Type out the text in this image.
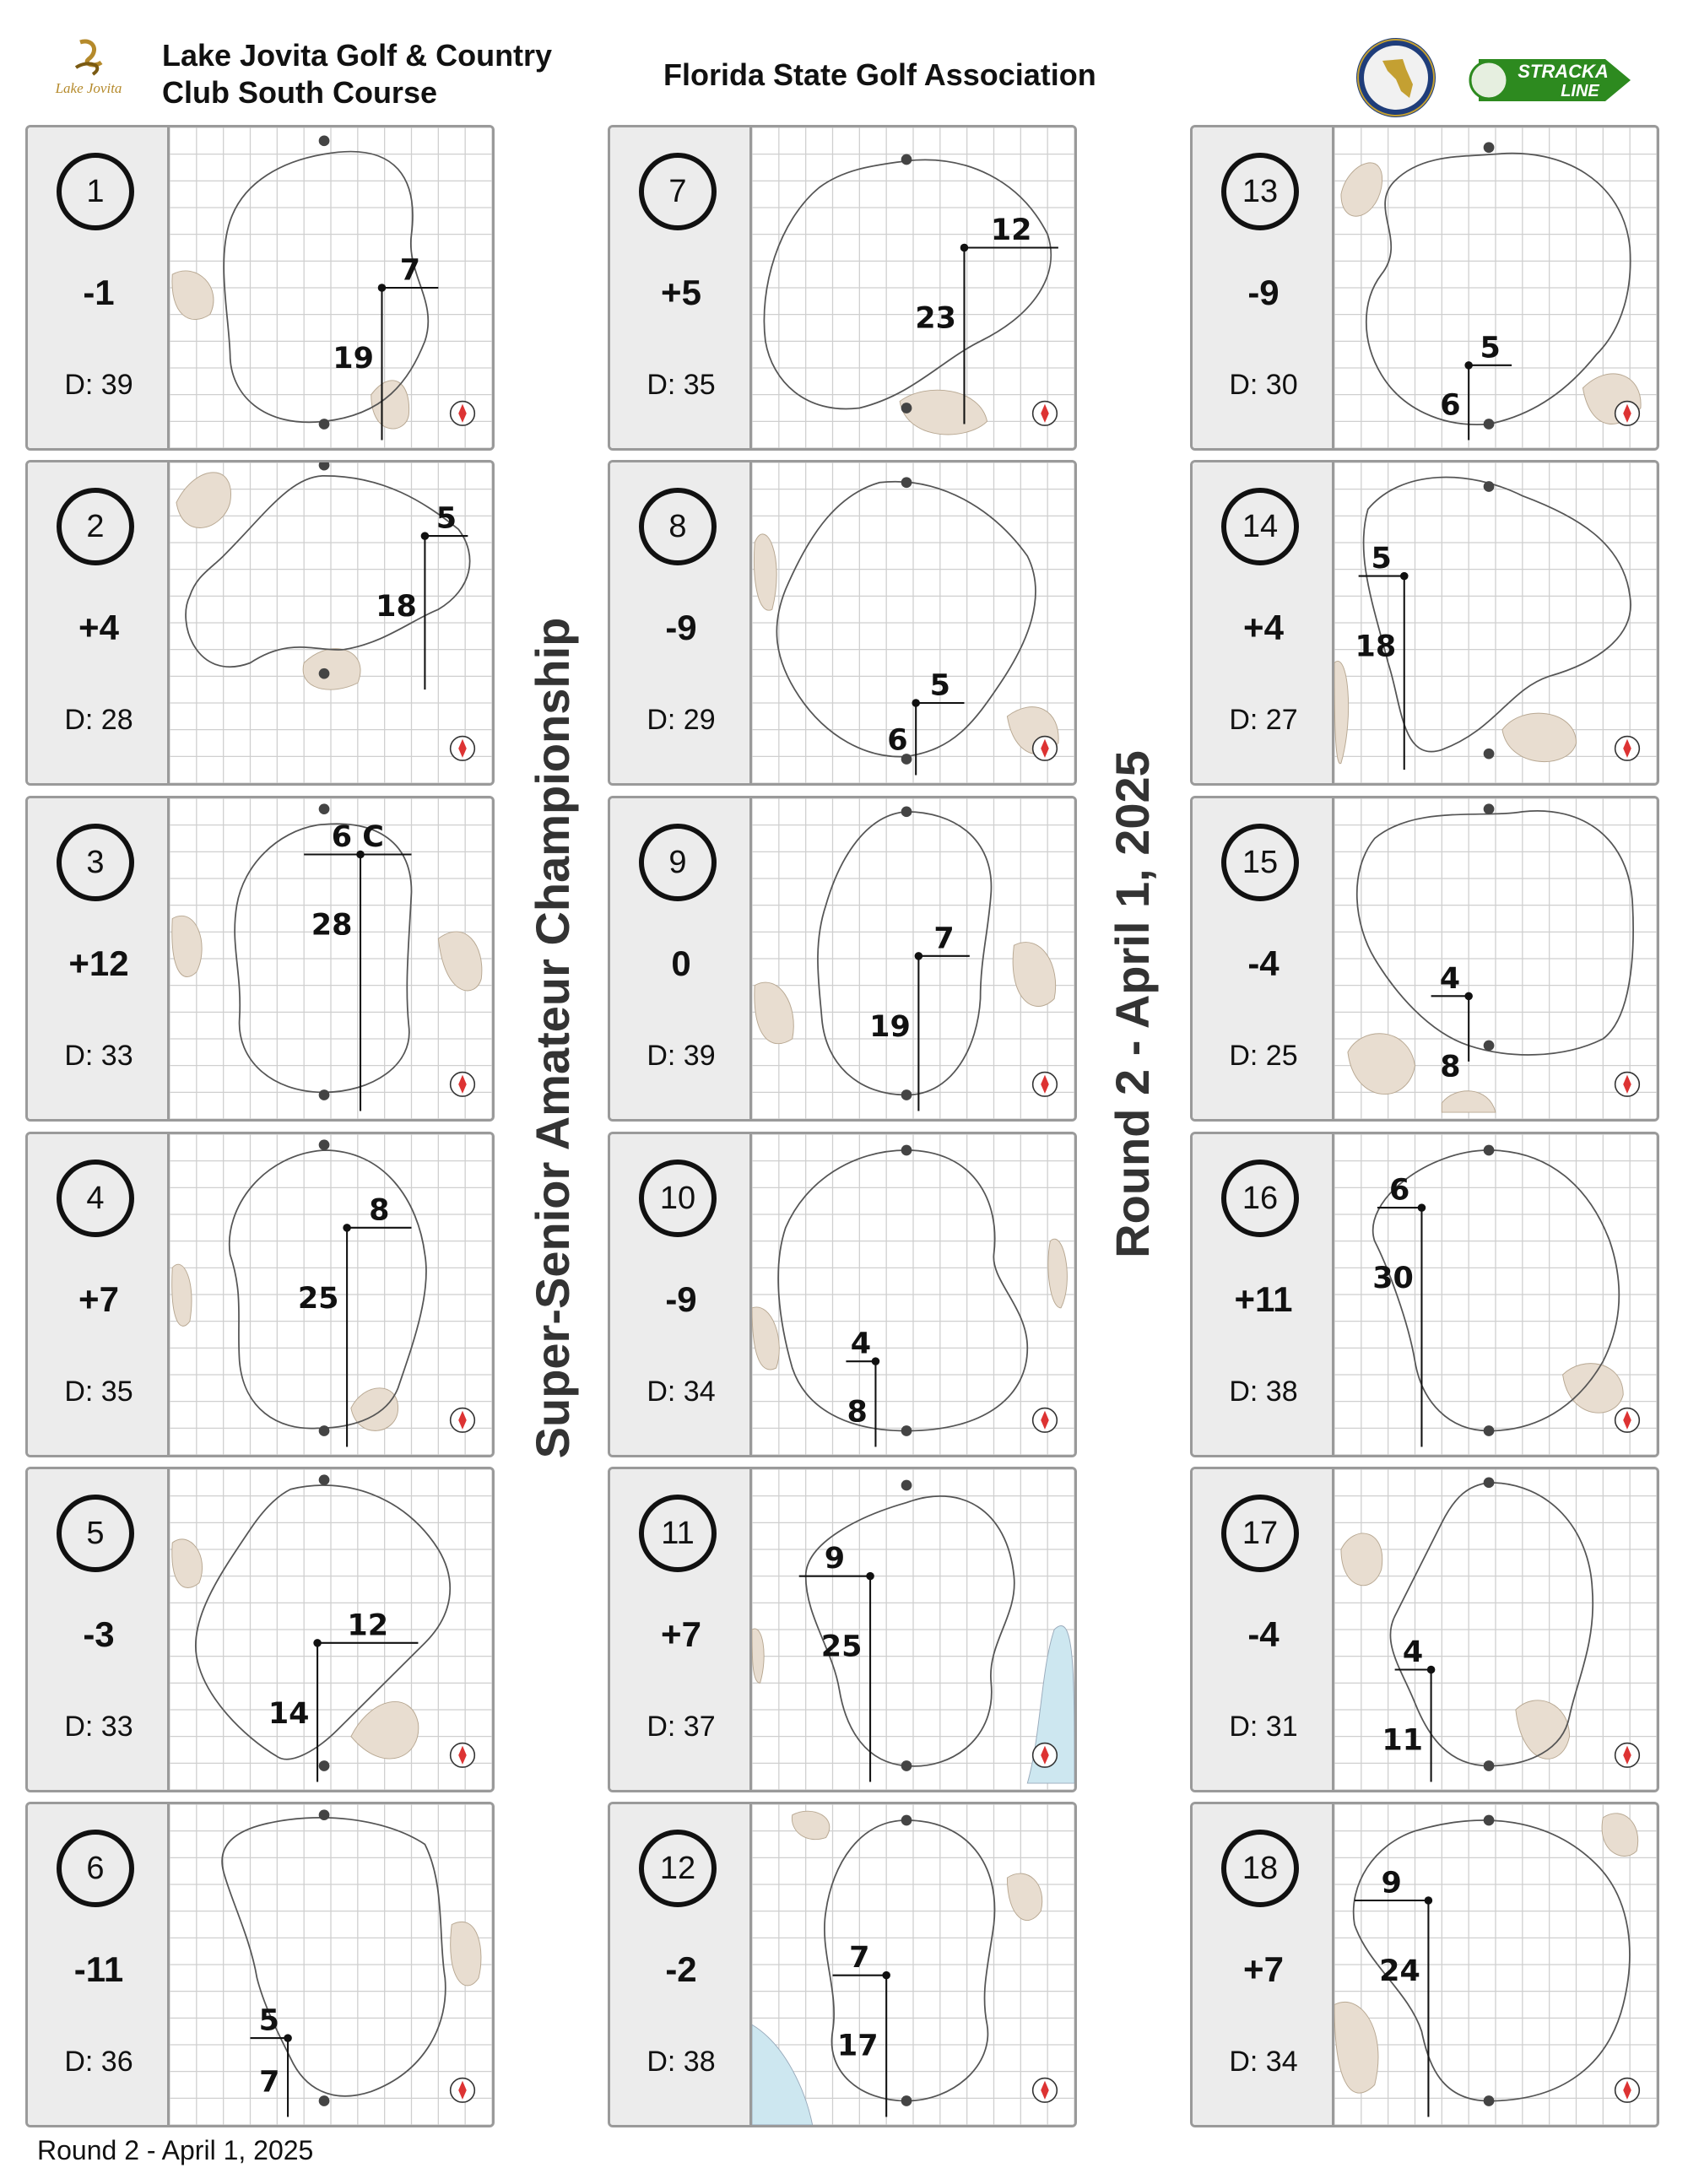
Lake Jovita
Lake Jovita Golf & Country
Club South Course
Florida State Golf Association	STRACKA
LINE
Super-Senior Amateur Championship	Round 2 - April 1, 2025
1
-1
D: 39
7
19
2
+4
D: 28
5
18
3
+12
D: 33
6 C
28
4
+7
D: 35
8
25
5
-3
D: 33
12
14
6
-11
D: 36
5
7
7
+5
D: 35
12
23
8
-9
D: 29
5
6
9
0
D: 39
7
19
10
-9
D: 34
4
8
11
+7
D: 37
9
25
12
-2
D: 38
7
17
13
-9
D: 30
5
6
14
+4
D: 27
5
18
15
-4
D: 25
4
8
16
+11
D: 38
6
30
17
-4
D: 31
4
11
18
+7
D: 34
9
24
Round 2 - April 1, 2025
